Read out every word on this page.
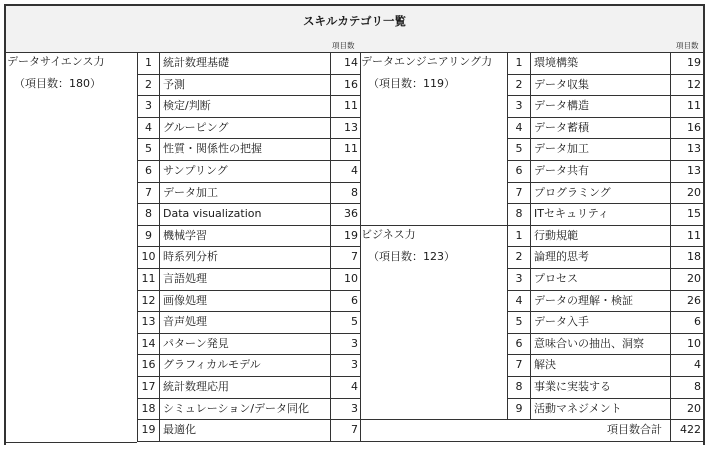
スキルカテゴリ一覧
項目数	項目数
データサイエンス力
（項目数：180）
1	統計数理基礎	14
2	予測	16
3	検定/判断	11
4	グルーピング	13
5	性質・関係性の把握	11
6	サンプリング	4
7	データ加工	8
8	Data visualization	36
9	機械学習	19
10 時系列分析	7
11 言語処理	10
12 画像処理	6
13 音声処理	5
14 パターン発見	3
16 グラフィカルモデル	3
17 統計数理応用	4
18 シミュレーション/データ同化	3
19 最適化	7
データエンジニアリング力
（項目数：119）
1	環境構築	19
2	データ収集	12
3	データ構造	11
4	データ蓄積	16
5	データ加工	13
6	データ共有	13
7	プログラミング	20
8	ITセキュリティ	15
ビジネス力
（項目数：123）
1	行動規範	11
2	論理的思考	18
3	プロセス	20
4	データの理解・検証	26
5	データ入手	6
6	意味合いの抽出、洞察	10
7	解決	4
8	事業に実装する	8
9	活動マネジメント	20
項目数合計	422
